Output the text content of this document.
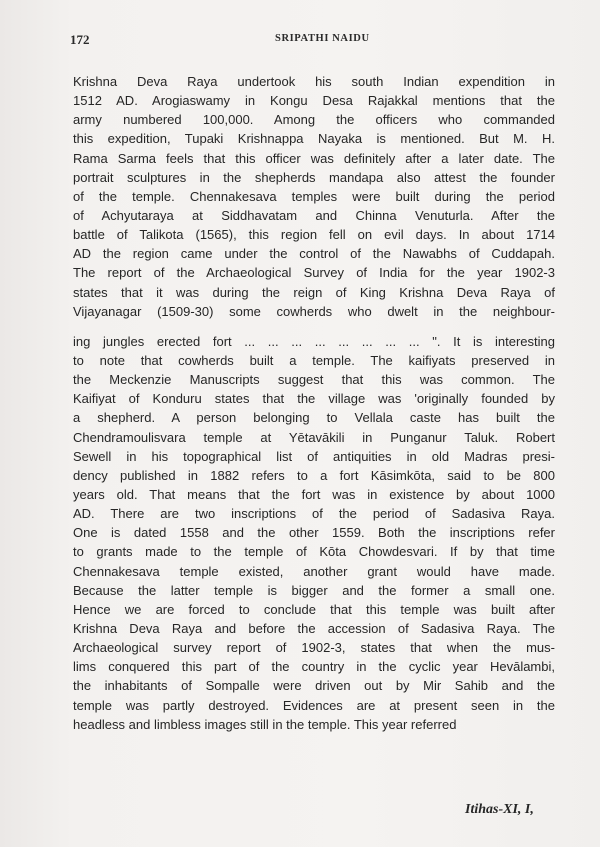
172	SRIPATHI NAIDU
Krishna Deva Raya undertook his south Indian expendition in
1512 AD. Arogiaswamy in Kongu Desa Rajakkal mentions that the
army numbered 100,000. Among the officers who commanded
this expedition, Tupaki Krishnappa Nayaka is mentioned. But M. H.
Rama Sarma feels that this officer was definitely after a later date. The
portrait sculptures in the shepherds mandapa also attest the founder
of the temple. Chennakesava temples were built during the period
of Achyutaraya at Siddhavatam and Chinna Venuturla. After the
battle of Talikota (1565), this region fell on evil days. In about 1714
AD the region came under the control of the Nawabhs of Cuddapah.
The report of the Archaeological Survey of India for the year 1902-3
states that it was during the reign of King Krishna Deva Raya of
Vijayanagar (1509-30) some cowherds who dwelt in the neighbour-
ing jungles erected fort ... ... ... ... ... ... ... ... ". It is interesting
to note that cowherds built a temple. The kaifiyats preserved in
the Meckenzie Manuscripts suggest that this was common. The
Kaifiyat of Konduru states that the village was 'originally founded by
a shepherd. A person belonging to Vellala caste has built the
Chendramoulisvara temple at Yētavākili in Punganur Taluk. Robert
Sewell in his topographical list of antiquities in old Madras presi-
dency published in 1882 refers to a fort Kāsimkōta, said to be 800
years old. That means that the fort was in existence by about 1000
AD. There are two inscriptions of the period of Sadasiva Raya.
One is dated 1558 and the other 1559. Both the inscriptions refer
to grants made to the temple of Kōta Chowdesvari. If by that time
Chennakesava temple existed, another grant would have made.
Because the latter temple is bigger and the former a small one.
Hence we are forced to conclude that this temple was built after
Krishna Deva Raya and before the accession of Sadasiva Raya. The
Archaeological survey report of 1902-3, states that when the mus-
lims conquered this part of the country in the cyclic year Hevālambi,
the inhabitants of Sompalle were driven out by Mir Sahib and the
temple was partly destroyed. Evidences are at present seen in the
headless and limbless images still in the temple. This year referred
Itihas-XI, I,
